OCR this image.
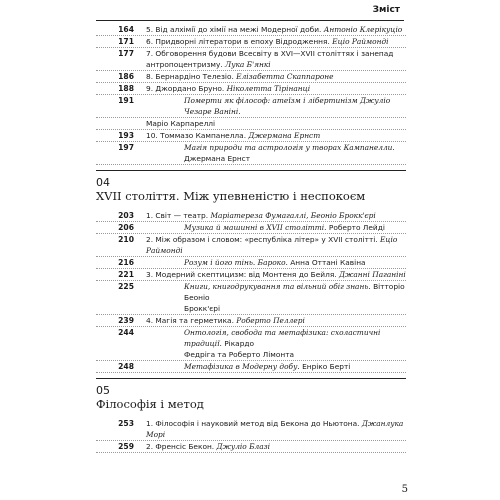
Зміст
164 5. Від алхімії до хімії на межі Модерної доби. Антоніо Клерікуціо
171 6. Придворні літератори в епоху Відродження. Еціо Раймонді
177 7. Обговорення будови Всесвіту в XVI—XVII століттях і занепад
антропоцентризму. Лука Б'янкі
186 8. Бернардіно Телезіо. Елізабетта Скаппароне
188 9. Джордано Бруно. Ніколетта Тірінанці
191	Померти як філософ: атеїзм і лібертинізм Джуліо Чезаре Ваніні.
Маріо Карпареллі
193 10. Томмазо Кампанелла. Джермана Ернст
197	Магія природи та астрологія у творах Кампанелли. Джермана Ернст
04
XVII століття. Між упевненістю і неспокоєм
203 1. Світ — театр. Маріатереза Фумагаллі, Беоніо Брокк'єрі
206	Музика й машинні в XVII столітті. Роберто Лейді
210 2. Між образом і словом: «республіка літер» у XVII столітті. Еціо Раймонді
216	Розум і його тінь. Бароко. Анна Оттані Кавіна
221 3. Модерний скептицизм: від Монтеня до Бейля. Джанні Паганіні
225	Книги, книгодрукування та вільний обіг знань. Вітторіо Беоніо
Брокк'єрі
239 4. Магія та герметика. Роберто Пеллері
244	Онтологія, свобода та метафізика: схоластичні традиції. Рікардо
Федріга та Роберто Лімонта
248	Метафізика в Модерну добу. Енріко Берті
05
Філософія і метод
253 1. Філософія і науковий метод від Бекона до Ньютона. Джанлука Морі
259 2. Френсіс Бекон. Джуліо Блазі
5
